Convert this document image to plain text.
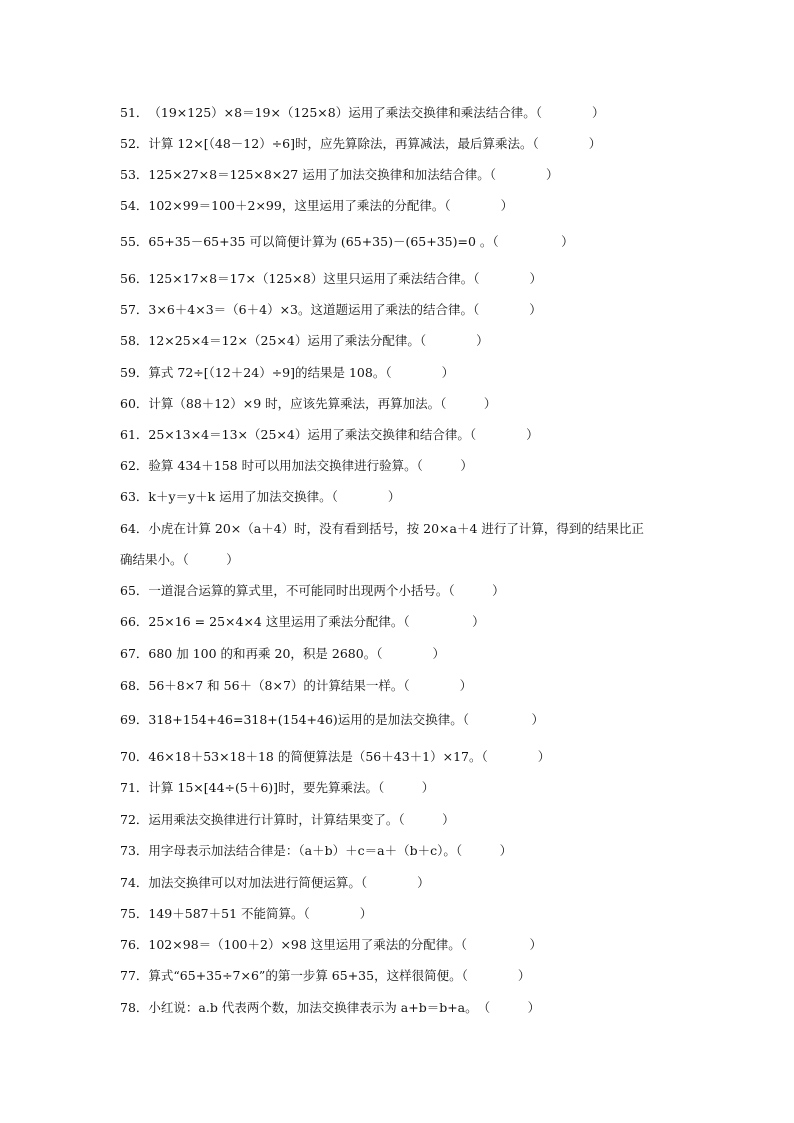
51．（19×125）×8＝19×（125×8）运用了乘法交换律和乘法结合律。（　　　　）
52．计算 12×[（48－12）÷6]时，应先算除法，再算减法，最后算乘法。（　　　　）
53．125×27×8＝125×8×27 运用了加法交换律和加法结合律。（　　　　）
54．102×99＝100＋2×99，这里运用了乘法的分配律。（　　　　）
55．65+35－65+35 可以简便计算为 (65+35)－(65+35)=0 。（　　　　　）
56．125×17×8＝17×（125×8）这里只运用了乘法结合律。（　　　　）
57．3×6＋4×3＝（6＋4）×3。这道题运用了乘法的结合律。（　　　　）
58．12×25×4＝12×（25×4）运用了乘法分配律。（　　　　）
59．算式 72÷[（12＋24）÷9]的结果是 108。（　　　　）
60．计算（88＋12）×9 时，应该先算乘法，再算加法。（　　　）
61．25×13×4＝13×（25×4）运用了乘法交换律和结合律。（　　　　）
62．验算 434＋158 时可以用加法交换律进行验算。（　　　）
63．k＋y＝y＋k 运用了加法交换律。（　　　　）
64．小虎在计算 20×（a＋4）时，没有看到括号，按 20×a＋4 进行了计算，得到的结果比正
确结果小。（　　　）
65．一道混合运算的算式里，不可能同时出现两个小括号。（　　　）
66．25×16 = 25×4×4 这里运用了乘法分配律。（　　　　　）
67．680 加 100 的和再乘 20，积是 2680。（　　　　）
68．56＋8×7 和 56＋（8×7）的计算结果一样。（　　　　）
69．318+154+46=318+(154+46)运用的是加法交换律。（　　　　　）
70．46×18＋53×18＋18 的简便算法是（56＋43＋1）×17。（　　　　）
71．计算 15×[44÷(5＋6)]时，要先算乘法。（　　　）
72．运用乘法交换律进行计算时，计算结果变了。（　　　）
73．用字母表示加法结合律是：（a＋b）＋c＝a＋（b＋c）。（　　　）
74．加法交换律可以对加法进行简便运算。（　　　　）
75．149＋587＋51 不能简算。（　　　　）
76．102×98＝（100＋2）×98 这里运用了乘法的分配律。（　　　　　）
77．算式“65+35÷7×6”的第一步算 65+35，这样很简便。（　　　　）
78．小红说：a.b 代表两个数，加法交换律表示为 a+b＝b+a。　（　　　）
